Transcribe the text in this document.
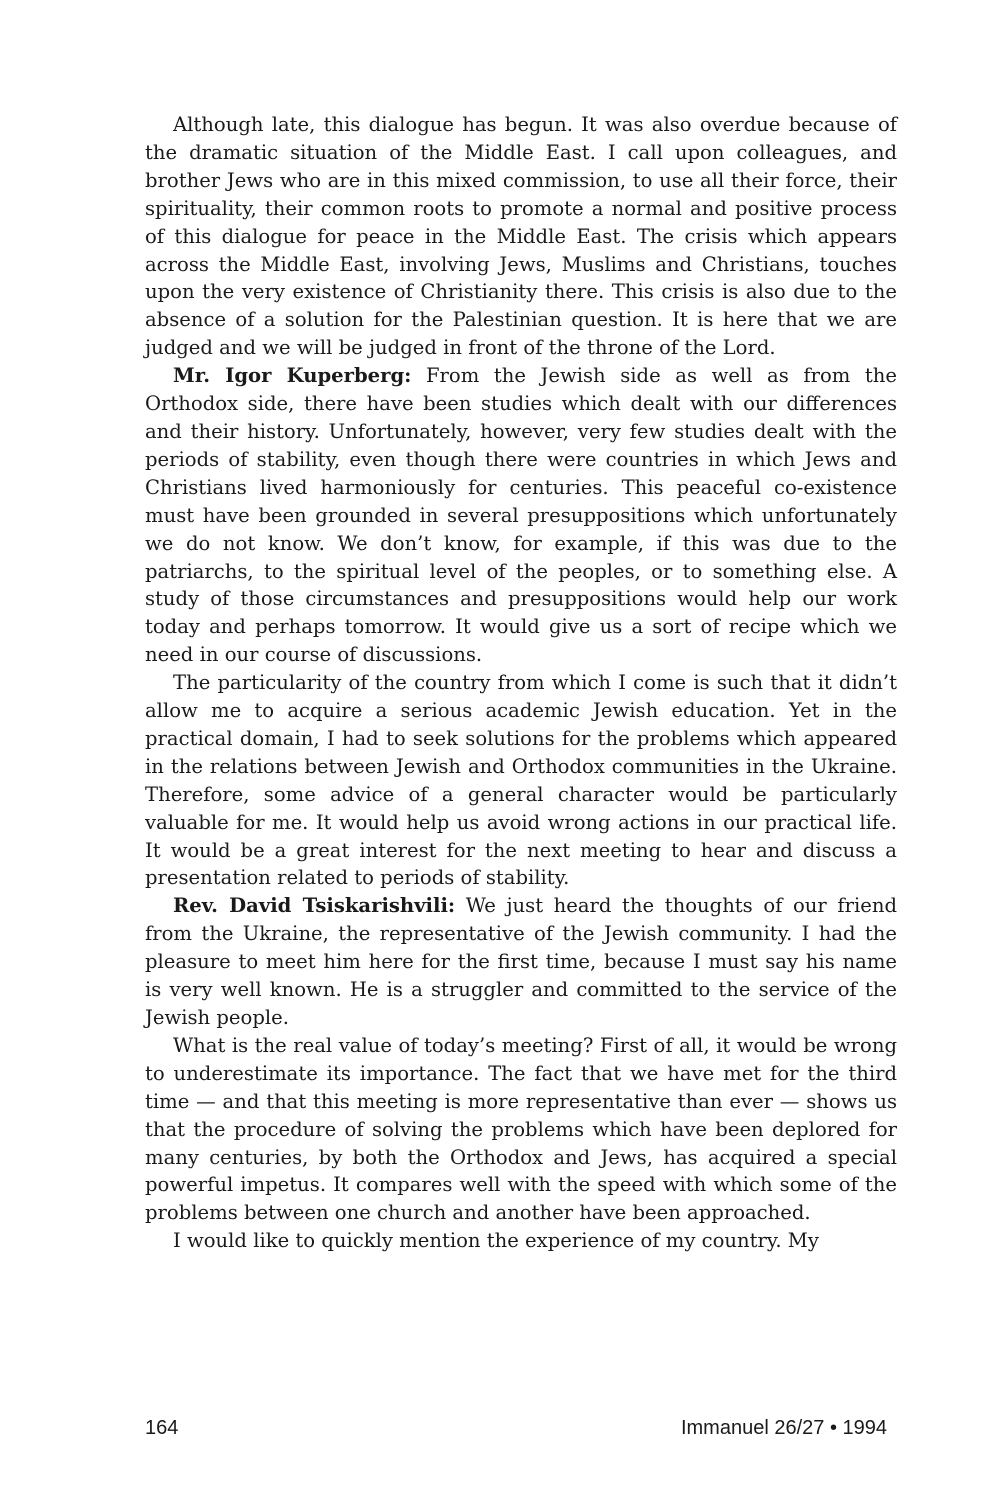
Although late, this dialogue has begun. It was also overdue because of the dramatic situation of the Middle East. I call upon colleagues, and brother Jews who are in this mixed commission, to use all their force, their spirituality, their common roots to promote a normal and positive process of this dialogue for peace in the Middle East. The crisis which appears across the Middle East, involving Jews, Muslims and Christians, touches upon the very existence of Christianity there. This crisis is also due to the absence of a solution for the Palestinian question. It is here that we are judged and we will be judged in front of the throne of the Lord.

Mr. Igor Kuperberg: From the Jewish side as well as from the Orthodox side, there have been studies which dealt with our differences and their history. Unfortunately, however, very few studies dealt with the periods of stability, even though there were countries in which Jews and Christians lived harmoniously for centuries. This peaceful co-existence must have been grounded in several presuppositions which unfortunately we do not know. We don’t know, for example, if this was due to the patriarchs, to the spiritual level of the peoples, or to something else. A study of those circumstances and presuppositions would help our work today and perhaps tomorrow. It would give us a sort of recipe which we need in our course of discussions.

The particularity of the country from which I come is such that it didn’t allow me to acquire a serious academic Jewish education. Yet in the practical domain, I had to seek solutions for the problems which appeared in the relations between Jewish and Orthodox communities in the Ukraine. Therefore, some advice of a general character would be particularly valuable for me. It would help us avoid wrong actions in our practical life. It would be a great interest for the next meeting to hear and discuss a presentation related to periods of stability.

Rev. David Tsiskarishvili: We just heard the thoughts of our friend from the Ukraine, the representative of the Jewish community. I had the pleasure to meet him here for the first time, because I must say his name is very well known. He is a struggler and committed to the service of the Jewish people.

What is the real value of today’s meeting? First of all, it would be wrong to underestimate its importance. The fact that we have met for the third time — and that this meeting is more representative than ever — shows us that the procedure of solving the problems which have been deplored for many centuries, by both the Orthodox and Jews, has acquired a special powerful impetus. It compares well with the speed with which some of the problems between one church and another have been approached.

I would like to quickly mention the experience of my country. My

164	Immanuel 26/27 • 1994
